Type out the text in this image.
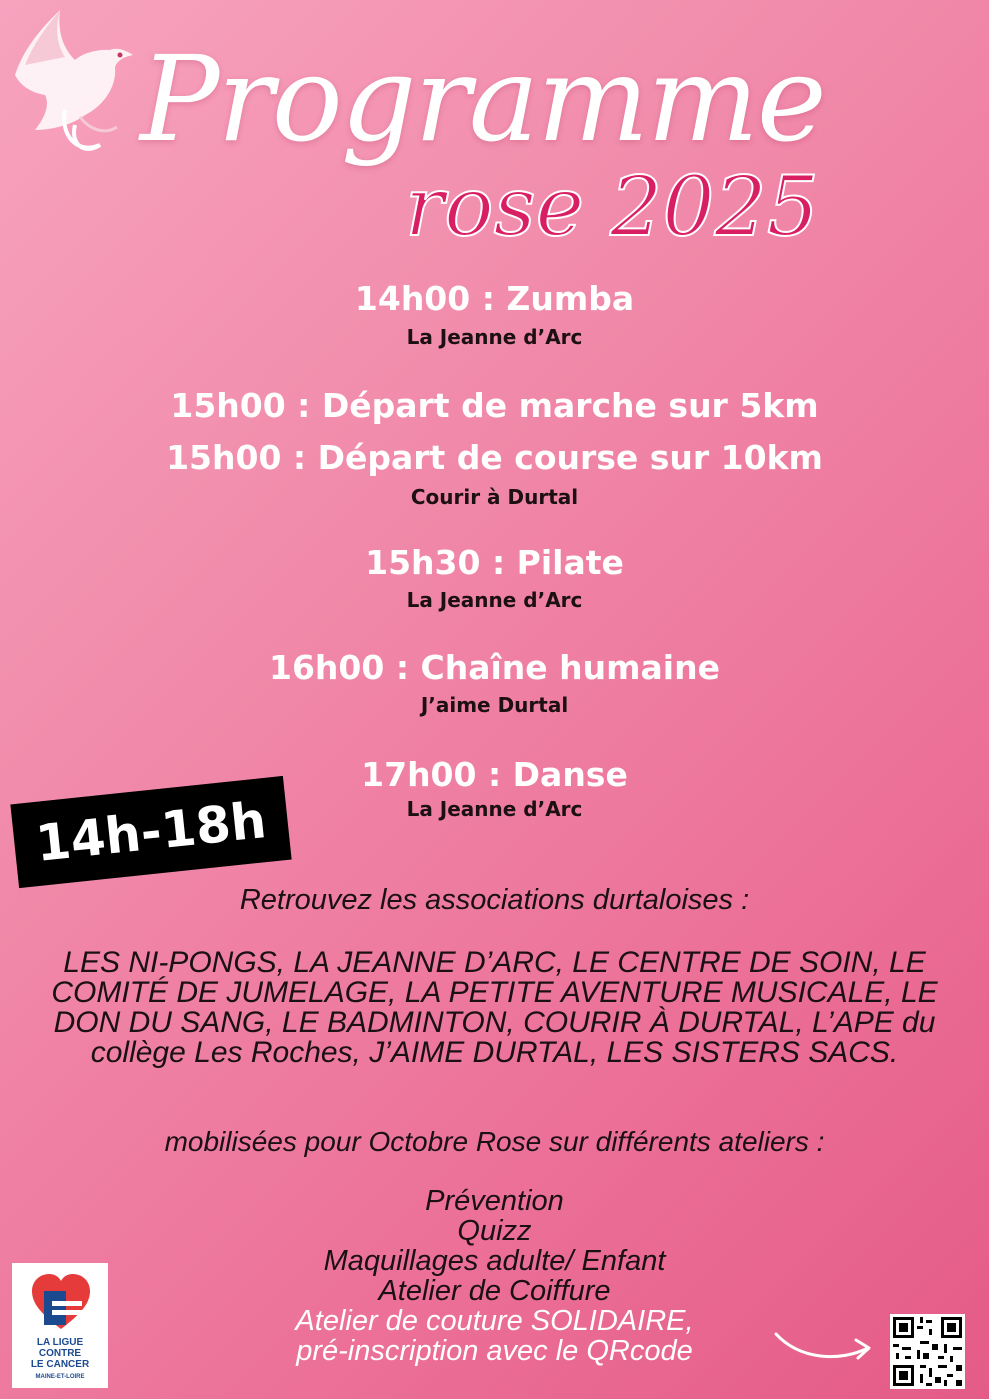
Programme
rose 2025
14h00 : Zumba
La Jeanne d’Arc
15h00 : Départ de marche sur 5km
15h00 : Départ de course sur 10km
Courir à Durtal
15h30 : Pilate
La Jeanne d’Arc
16h00 : Chaîne humaine
J’aime Durtal
17h00 : Danse
La Jeanne d’Arc
14h-18h
Retrouvez les associations durtaloises :
LES NI-PONGS, LA JEANNE D’ARC, LE CENTRE DE SOIN, LE COMITÉ DE JUMELAGE, LA PETITE AVENTURE MUSICALE, LE DON DU SANG, LE BADMINTON, COURIR À DURTAL, L’APE du collège Les Roches, J’AIME DURTAL, LES SISTERS SACS.
mobilisées pour Octobre Rose sur différents ateliers :
Prévention
Quizz
Maquillages adulte/ Enfant
Atelier de Coiffure
Atelier de couture SOLIDAIRE,
pré-inscription avec le QRcode
LA LIGUE
CONTRE
LE CANCER
MAINE-ET-LOIRE
